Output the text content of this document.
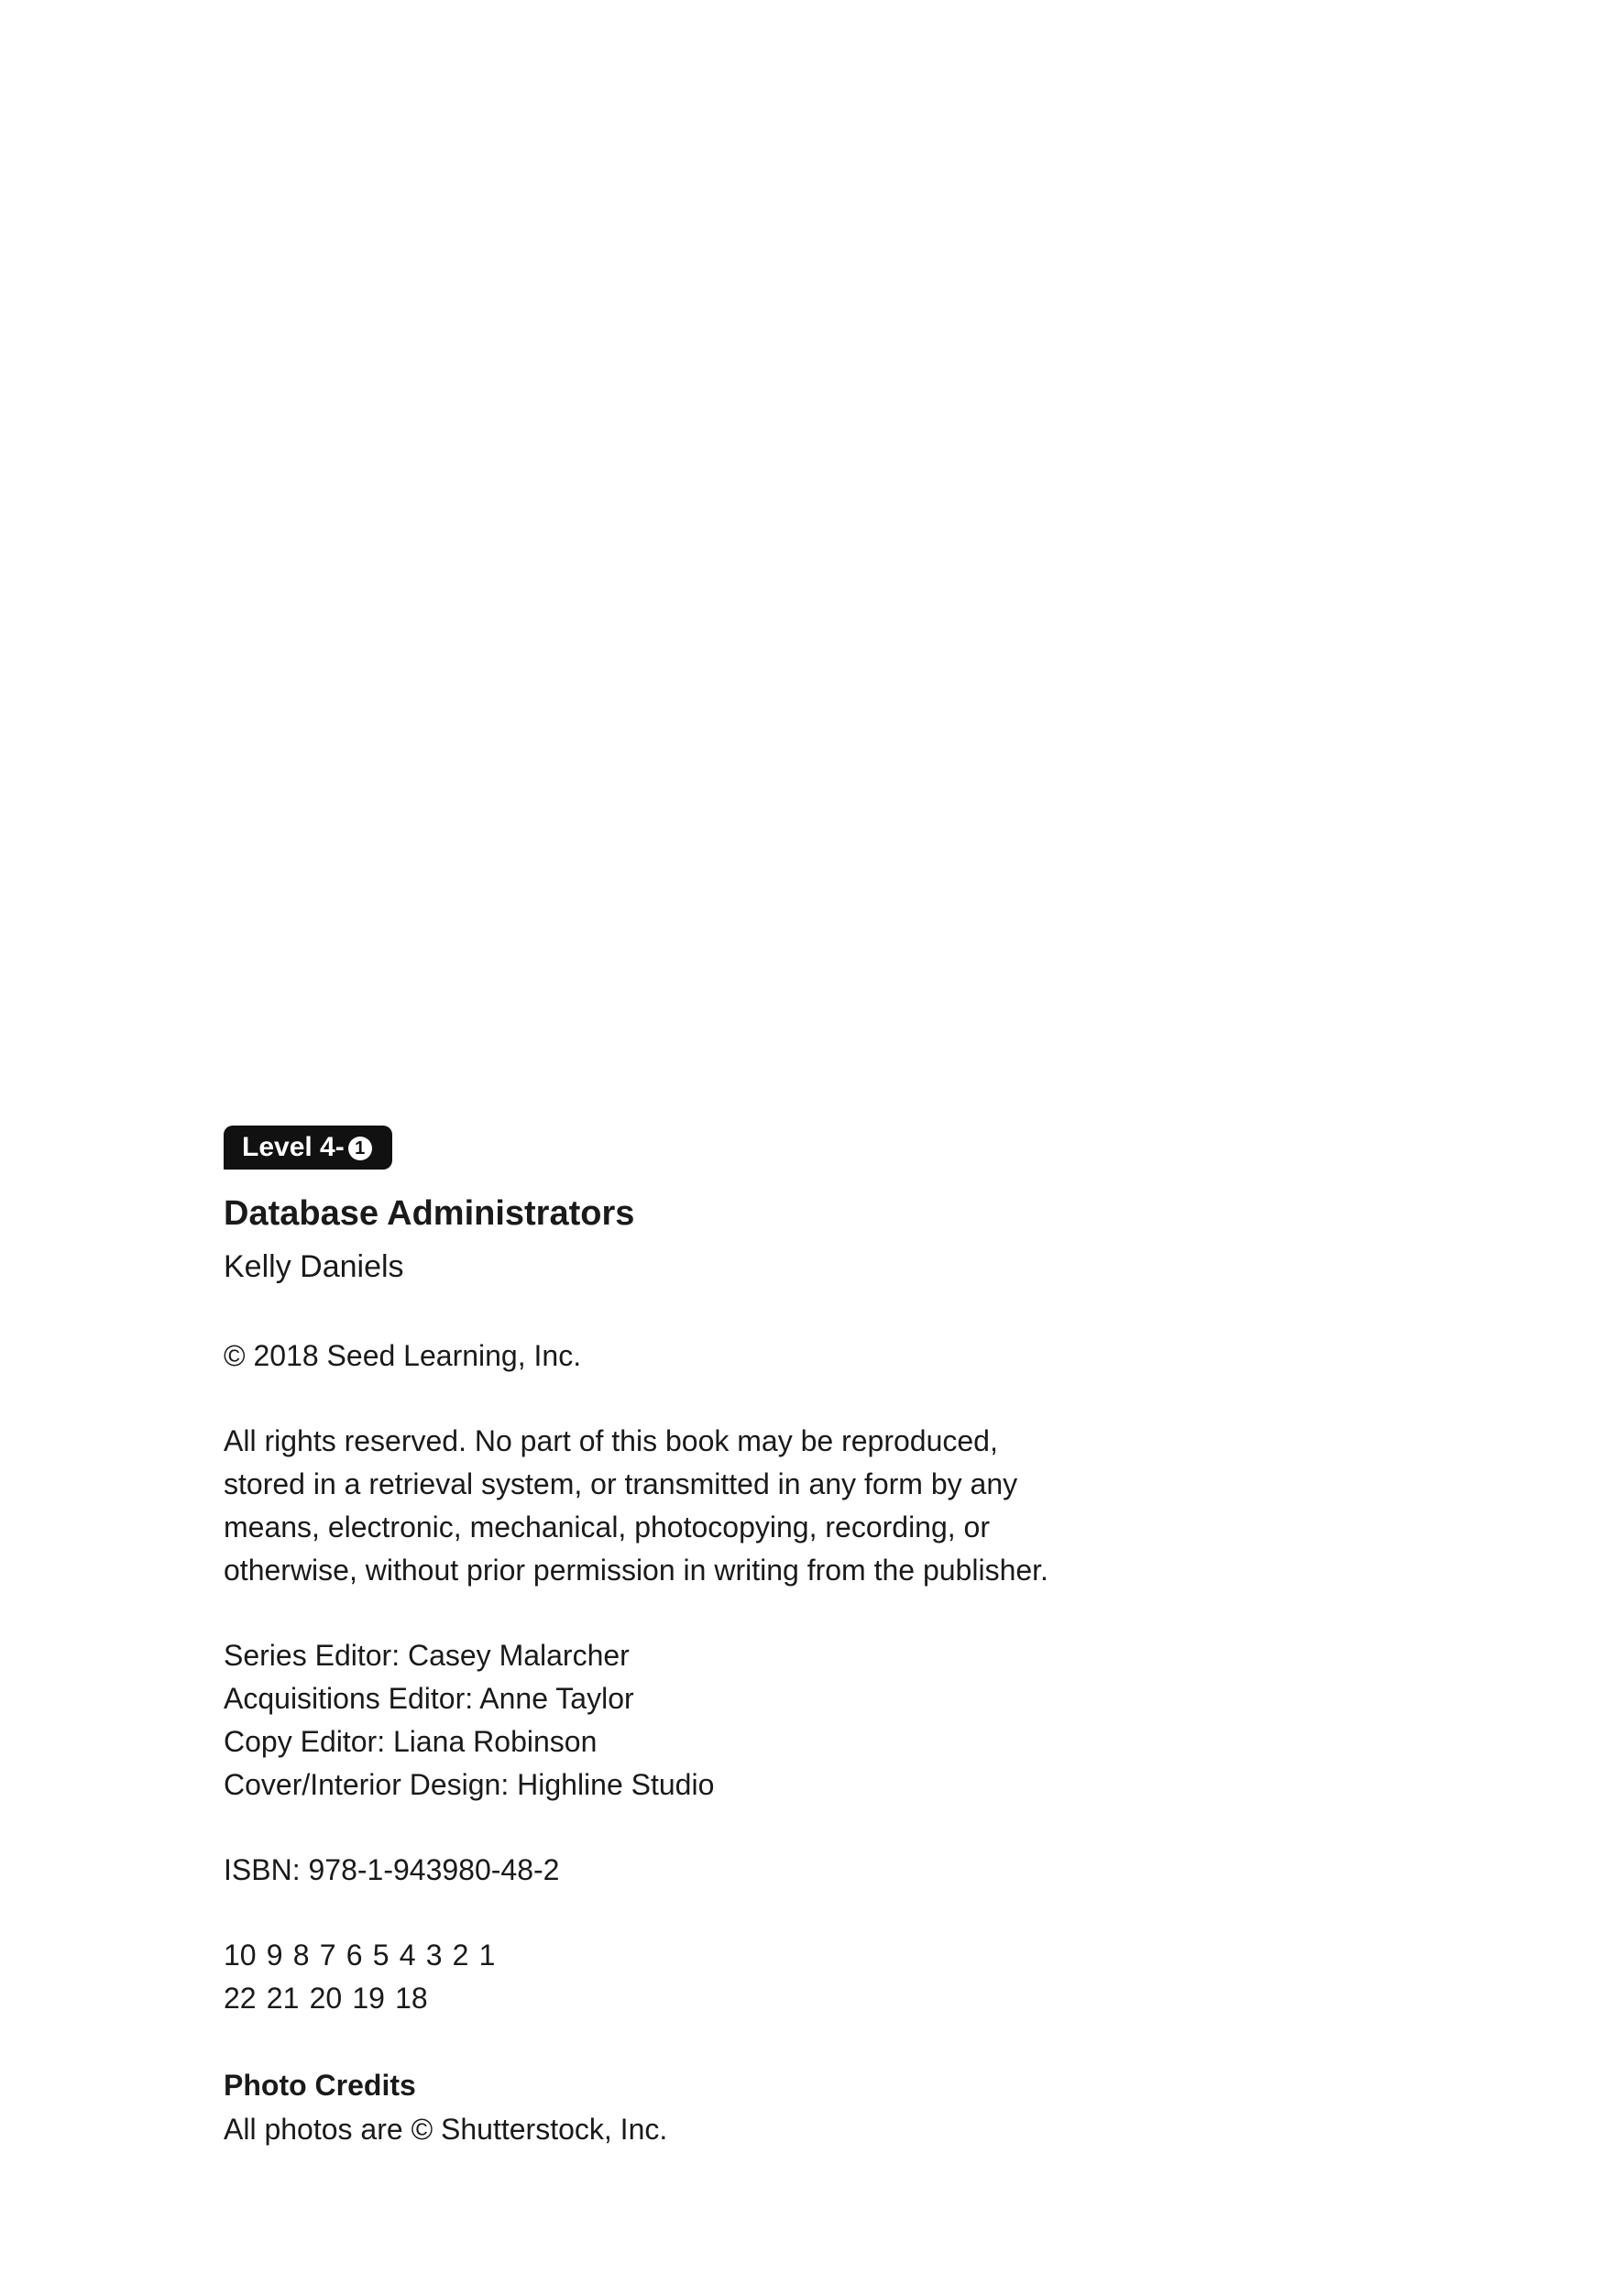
Level 4- 1
Database Administrators
Kelly Daniels

© 2018 Seed Learning, Inc.

All rights reserved. No part of this book may be reproduced,

stored in a retrieval system, or transmitted in any form by any

means, electronic, mechanical, photocopying, recording, or

otherwise, without prior permission in writing from the publisher.

Series Editor: Casey Malarcher

Acquisitions Editor: Anne Taylor

Copy Editor: Liana Robinson

Cover/Interior Design: Highline Studio

ISBN: 978-1-943980-48-2

10 9 8 7 6 5 4 3 2 1

22 21 20 19 18

Photo Credits

All photos are © Shutterstock, Inc.
